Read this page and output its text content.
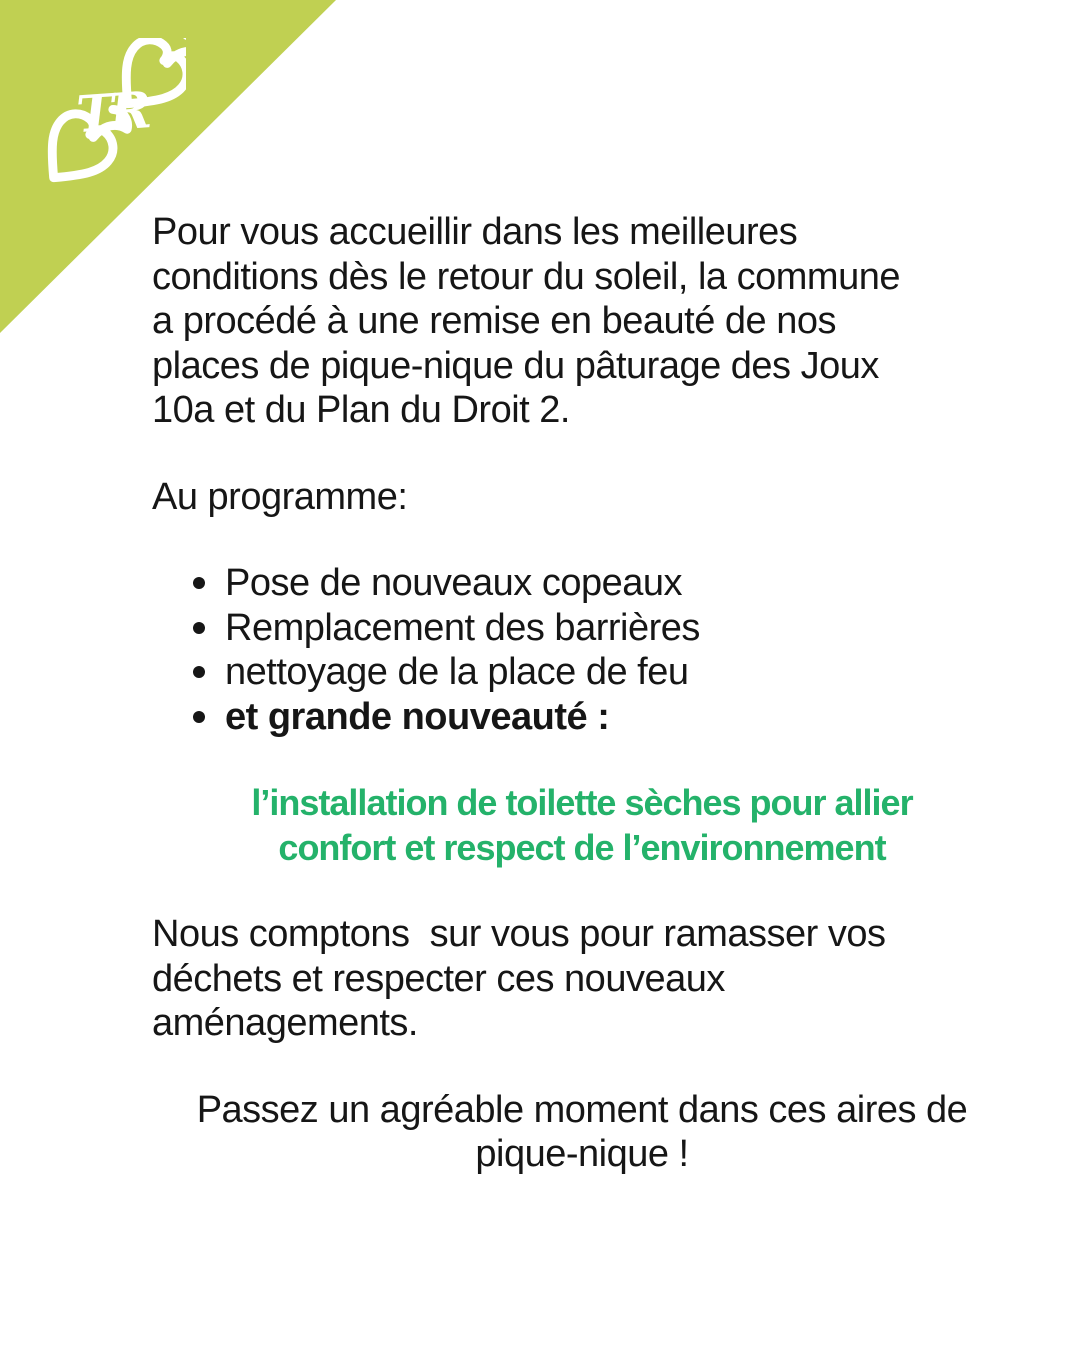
TR
Pour vous accueillir dans les meilleures
conditions dès le retour du soleil, la commune
a procédé à une remise en beauté de nos
places de pique-nique du pâturage des Joux
10a et du Plan du Droit 2.
Au programme:
Pose de nouveaux copeaux
Remplacement des barrières
nettoyage de la place de feu
et grande nouveauté :
l’installation de toilette sèches pour allier
confort et respect de l’environnement
Nous comptons  sur vous pour ramasser vos
déchets et respecter ces nouveaux
aménagements.
Passez un agréable moment dans ces aires de
pique-nique !
